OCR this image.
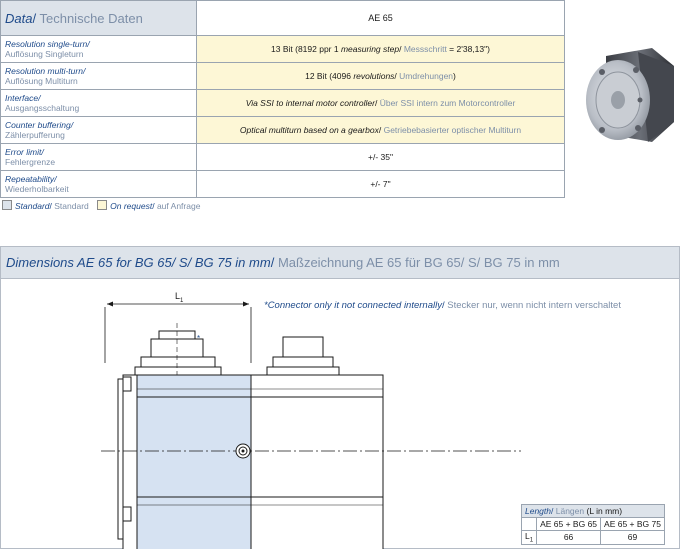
Data/ Technische Daten	AE 65

Resolution single-turn/
Auflösung Singleturn	13 Bit (8192 ppr 1 measuring step/ Messschritt = 2'38,13")

Resolution multi-turn/
Auflösung Multiturn	12 Bit (4096 revolutions/ Umdrehungen)

Interface/
Ausgangsschaltung	Via SSI to internal motor controller/ Über SSI intern zum Motorcontroller

Counter buffering/
Zählerpufferung	Optical multiturn based on a gearbox/ Getriebebasierter optischer Multiturn

Error limit/
Fehlergrenze	+/- 35"

Repeatability/
Wiederholbarkeit	+/- 7"
Standard/ Standard	On request/ auf Anfrage
Dimensions AE 65 for BG 65/ S/ BG 75 in mm/ Maßzeichnung AE 65 für BG 65/ S/ BG 75 in mm
L 1
*
*Connector only it not connected internally/ Stecker nur, wenn nicht intern verschaltet
Length/ Längen (L in mm)		
	AE 65 + BG 65	AE 65 + BG 75
$L_1$	66	69
